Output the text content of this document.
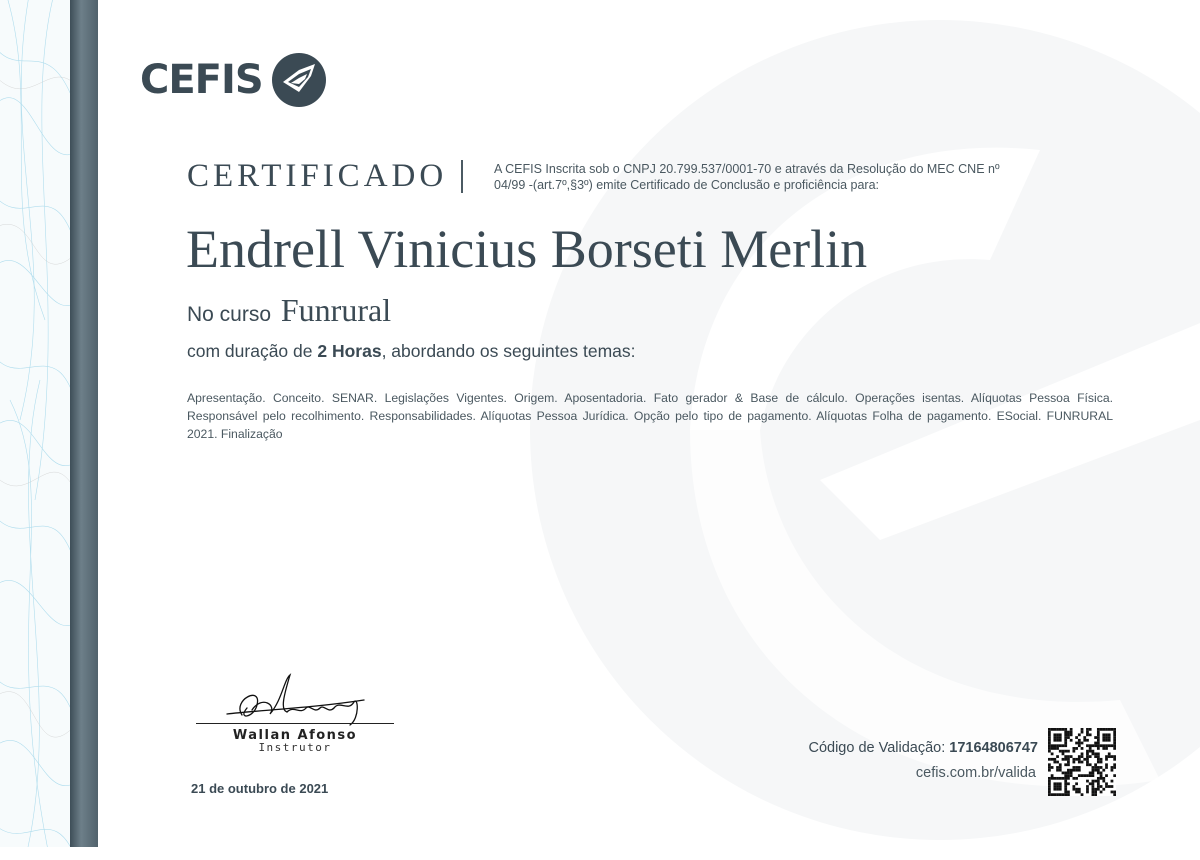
CEFIS
CERTIFICADO	A CEFIS Inscrita sob o CNPJ 20.799.537/0001-70 e através da Resolução do MEC CNE nº 04/99 -(art.7º,§3º) emite Certificado de Conclusão e proficiência para:
Endrell Vinicius Borseti Merlin
No curso Funrural
com duração de 2 Horas, abordando os seguintes temas:
Apresentação. Conceito. SENAR. Legislações Vigentes. Origem. Aposentadoria. Fato gerador & Base de cálculo. Operações isentas. Alíquotas Pessoa Física. Responsável pelo recolhimento. Responsabilidades. Alíquotas Pessoa Jurídica. Opção pelo tipo de pagamento. Alíquotas Folha de pagamento. ESocial. FUNRURAL 2021. Finalização
Wallan Afonso
Instrutor
21 de outubro de 2021
Código de Validação: 17164806747
cefis.com.br/valida
